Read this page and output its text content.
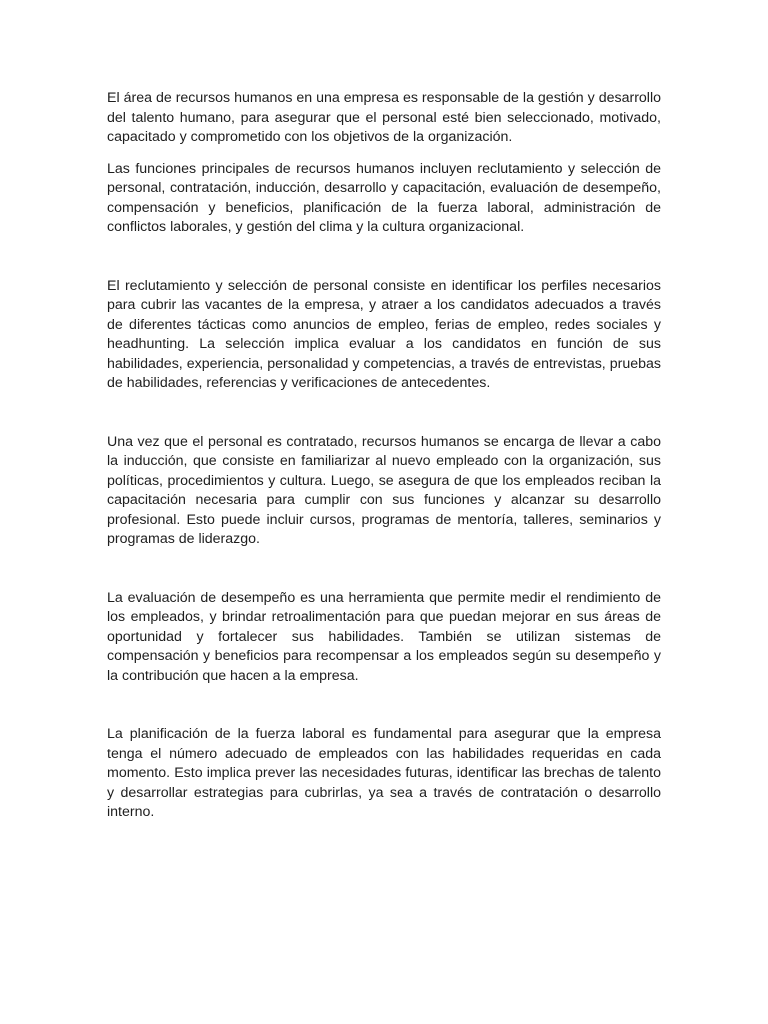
El área de recursos humanos en una empresa es responsable de la gestión y desarrollo del talento humano, para asegurar que el personal esté bien seleccionado, motivado, capacitado y comprometido con los objetivos de la organización.

Las funciones principales de recursos humanos incluyen reclutamiento y selección de personal, contratación, inducción, desarrollo y capacitación, evaluación de desempeño, compensación y beneficios, planificación de la fuerza laboral, administración de conflictos laborales, y gestión del clima y la cultura organizacional.

El reclutamiento y selección de personal consiste en identificar los perfiles necesarios para cubrir las vacantes de la empresa, y atraer a los candidatos adecuados a través de diferentes tácticas como anuncios de empleo, ferias de empleo, redes sociales y headhunting. La selección implica evaluar a los candidatos en función de sus habilidades, experiencia, personalidad y competencias, a través de entrevistas, pruebas de habilidades, referencias y verificaciones de antecedentes.

Una vez que el personal es contratado, recursos humanos se encarga de llevar a cabo la inducción, que consiste en familiarizar al nuevo empleado con la organización, sus políticas, procedimientos y cultura. Luego, se asegura de que los empleados reciban la capacitación necesaria para cumplir con sus funciones y alcanzar su desarrollo profesional. Esto puede incluir cursos, programas de mentoría, talleres, seminarios y programas de liderazgo.

La evaluación de desempeño es una herramienta que permite medir el rendimiento de los empleados, y brindar retroalimentación para que puedan mejorar en sus áreas de oportunidad y fortalecer sus habilidades. También se utilizan sistemas de compensación y beneficios para recompensar a los empleados según su desempeño y la contribución que hacen a la empresa.

La planificación de la fuerza laboral es fundamental para asegurar que la empresa tenga el número adecuado de empleados con las habilidades requeridas en cada momento. Esto implica prever las necesidades futuras, identificar las brechas de talento y desarrollar estrategias para cubrirlas, ya sea a través de contratación o desarrollo interno.
